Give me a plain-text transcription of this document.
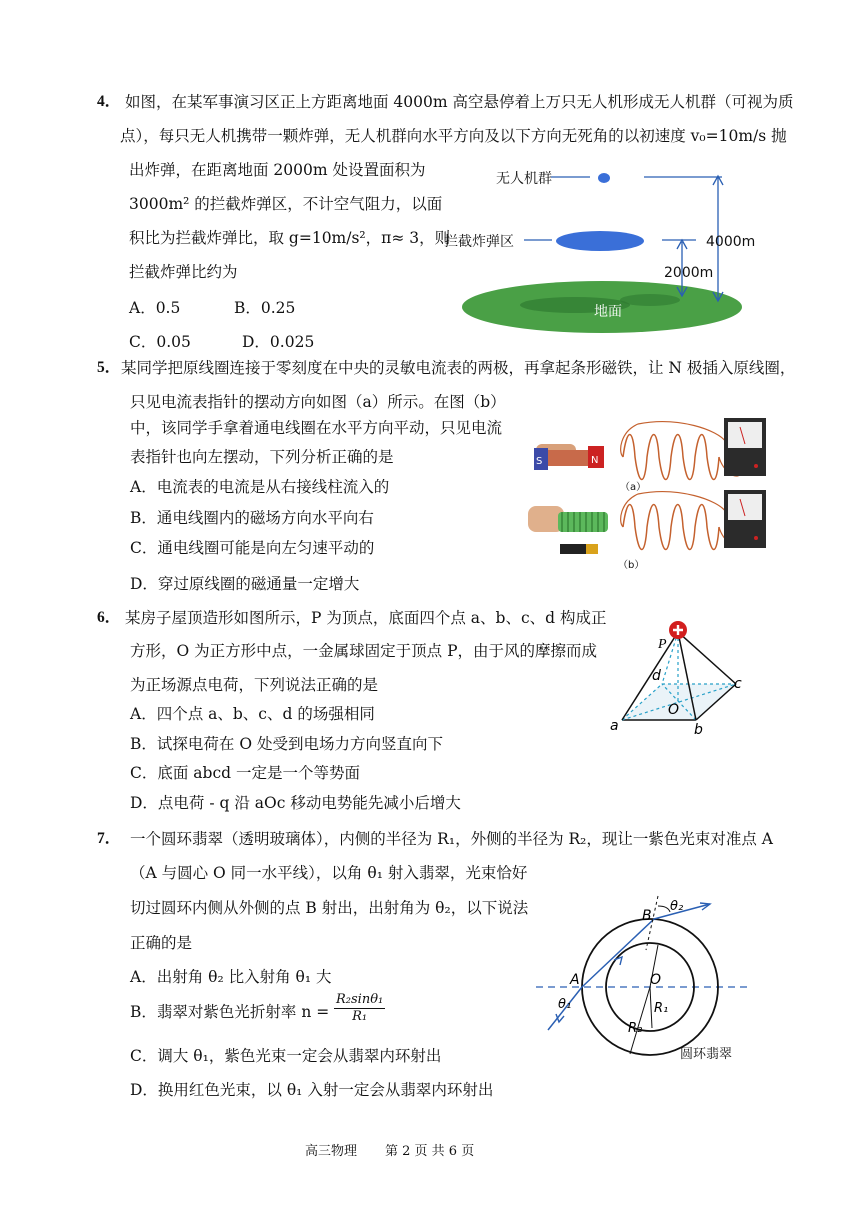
4． 如图，在某军事演习区正上方距离地面 4000m 高空悬停着上万只无人机形成无人机群（可视为质
点），每只无人机携带一颗炸弹，无人机群向水平方向及以下方向无死角的以初速度 v₀=10m/s 抛
出炸弹，在距离地面 2000m 处设置面积为
3000m² 的拦截炸弹区，不计空气阻力，以面
积比为拦截炸弹比，取 g=10m/s²，π≈ 3，则
拦截炸弹比约为
A．0.5	B．0.25
C．0.05	D．0.025
地面
无人机群
拦截炸弹区	4000m
2000m
5． 某同学把原线圈连接于零刻度在中央的灵敏电流表的两极，再拿起条形磁铁，让 N 极插入原线圈，
只见电流表指针的摆动方向如图（a）所示。在图（b）
中，该同学手拿着通电线圈在水平方向平动，只见电流
表指针也向左摆动，下列分析正确的是
A．电流表的电流是从右接线柱流入的
B．通电线圈内的磁场方向水平向右
C．通电线圈可能是向左匀速平动的
D．穿过原线圈的磁通量一定增大
S	N
（a）
（b）
6． 某房子屋顶造形如图所示，P 为顶点，底面四个点 a、b、c、d 构成正
方形，O 为正方形中点，一金属球固定于顶点 P，由于风的摩擦而成
为正场源点电荷，下列说法正确的是
A．四个点 a、b、c、d 的场强相同
B．试探电荷在 O 处受到电场力方向竖直向下
C．底面 abcd 一定是一个等势面
D．点电荷 - q 沿 aOc 移动电势能先减小后增大
P
d	c
O
a	b
7． 一个圆环翡翠（透明玻璃体），内侧的半径为 R₁，外侧的半径为 R₂，现让一紫色光束对准点 A
（A 与圆心 O 同一水平线），以角 θ₁ 射入翡翠，光束恰好
切过圆环内侧从外侧的点 B 射出，出射角为 θ₂，以下说法
正确的是
A．出射角 θ₂ 比入射角 θ₁ 大
B．翡翠对紫色光折射率 $n = \frac{\text{R₂sinθ₁}}{\text{R₁}}$
C．调大 θ₁，紫色光束一定会从翡翠内环射出
D．换用红色光束，以 θ₁ 入射一定会从翡翠内环射出
A
B
θ₂
θ₁
O
R₁
R₂
圆环翡翠
高三物理 第 2 页 共 6 页
